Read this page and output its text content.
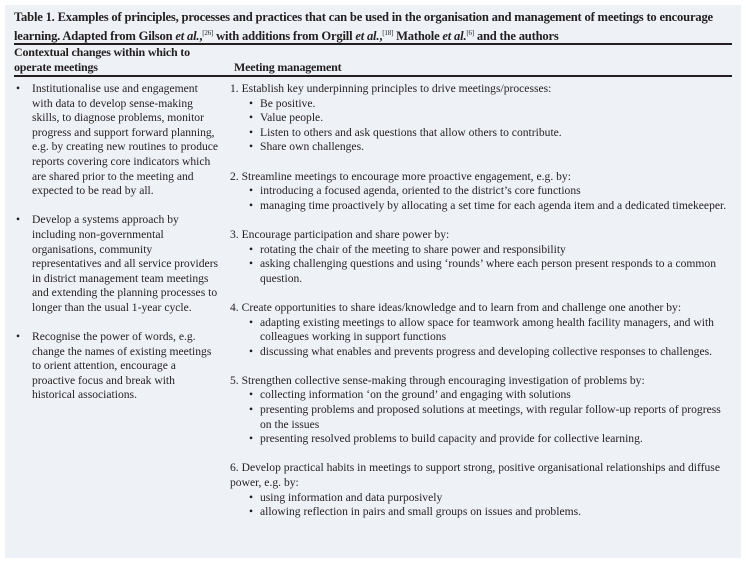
Table 1. Examples of principles, processes and practices that can be used in the organisation and management of meetings to encourage learning. Adapted from Gilson et al.,[26] with additions from Orgill et al.,[18] Mathole et al.[6] and the authors
Contextual changes within which to operate meetings	Meeting management
• Institutionalise use and engagement with data to develop sense-making skills, to diagnose problems, monitor progress and support forward planning, e.g. by creating new routines to produce reports covering core indicators which are shared prior to the meeting and expected to be read by all.
• Develop a systems approach by including non-governmental organisations, community representatives and all service providers in district management team meetings and extending the planning processes to longer than the usual 1-year cycle.
• Recognise the power of words, e.g. change the names of existing meetings to orient attention, encourage a proactive focus and break with historical associations.
1. Establish key underpinning principles to drive meetings/processes:
• Be positive.
• Value people.
• Listen to others and ask questions that allow others to contribute.
• Share own challenges.
2. Streamline meetings to encourage more proactive engagement, e.g. by:
• introducing a focused agenda, oriented to the district’s core functions
• managing time proactively by allocating a set time for each agenda item and a dedicated timekeeper.
3. Encourage participation and share power by:
• rotating the chair of the meeting to share power and responsibility
• asking challenging questions and using ‘rounds’ where each person present responds to a common question.
4. Create opportunities to share ideas/knowledge and to learn from and challenge one another by:
• adapting existing meetings to allow space for teamwork among health facility managers, and with colleagues working in support functions
• discussing what enables and prevents progress and developing collective responses to challenges.
5. Strengthen collective sense-making through encouraging investigation of problems by:
• collecting information ‘on the ground’ and engaging with solutions
• presenting problems and proposed solutions at meetings, with regular follow-up reports of progress on the issues
• presenting resolved problems to build capacity and provide for collective learning.
6. Develop practical habits in meetings to support strong, positive organisational relationships and diffuse power, e.g. by:
• using information and data purposively
• allowing reflection in pairs and small groups on issues and problems.
